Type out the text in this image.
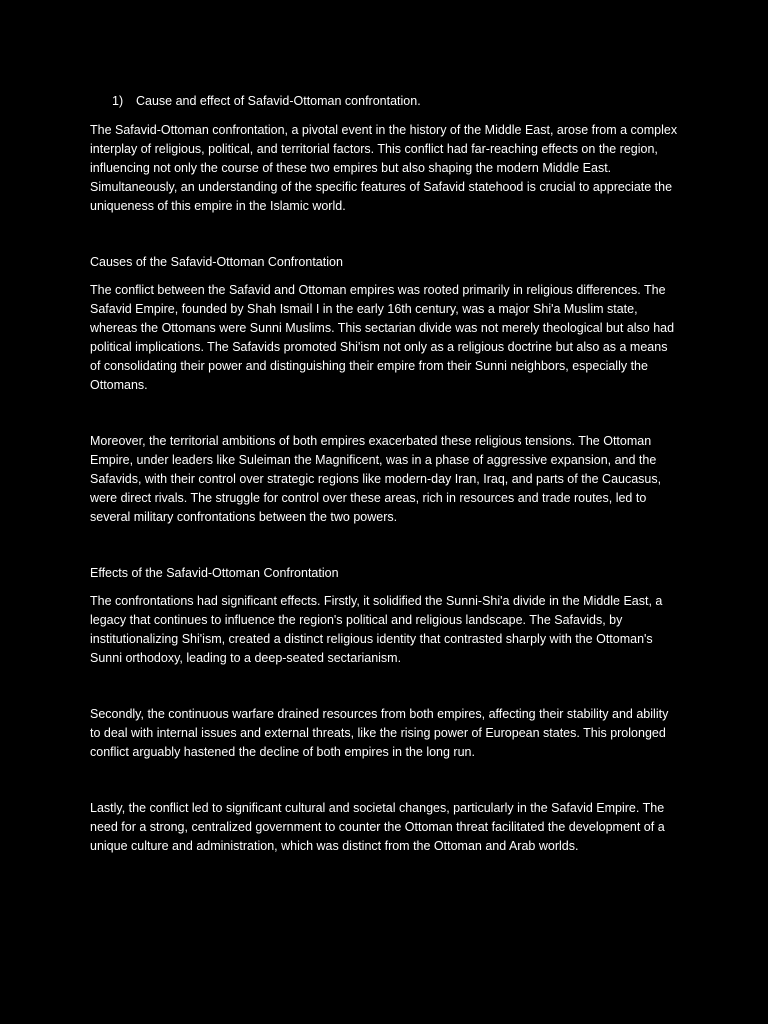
1)	Cause and effect of Safavid-Ottoman confrontation.

The Safavid-Ottoman confrontation, a pivotal event in the history of the Middle East, arose from a complex interplay of religious, political, and territorial factors. This conflict had far-reaching effects on the region, influencing not only the course of these two empires but also shaping the modern Middle East. Simultaneously, an understanding of the specific features of Safavid statehood is crucial to appreciate the uniqueness of this empire in the Islamic world.

Causes of the Safavid-Ottoman Confrontation

The conflict between the Safavid and Ottoman empires was rooted primarily in religious differences. The Safavid Empire, founded by Shah Ismail I in the early 16th century, was a major Shi'a Muslim state, whereas the Ottomans were Sunni Muslims. This sectarian divide was not merely theological but also had political implications. The Safavids promoted Shi'ism not only as a religious doctrine but also as a means of consolidating their power and distinguishing their empire from their Sunni neighbors, especially the Ottomans.

Moreover, the territorial ambitions of both empires exacerbated these religious tensions. The Ottoman Empire, under leaders like Suleiman the Magnificent, was in a phase of aggressive expansion, and the Safavids, with their control over strategic regions like modern-day Iran, Iraq, and parts of the Caucasus, were direct rivals. The struggle for control over these areas, rich in resources and trade routes, led to several military confrontations between the two powers.

Effects of the Safavid-Ottoman Confrontation

The confrontations had significant effects. Firstly, it solidified the Sunni-Shi'a divide in the Middle East, a legacy that continues to influence the region's political and religious landscape. The Safavids, by institutionalizing Shi'ism, created a distinct religious identity that contrasted sharply with the Ottoman's Sunni orthodoxy, leading to a deep-seated sectarianism.

Secondly, the continuous warfare drained resources from both empires, affecting their stability and ability to deal with internal issues and external threats, like the rising power of European states. This prolonged conflict arguably hastened the decline of both empires in the long run.

Lastly, the conflict led to significant cultural and societal changes, particularly in the Safavid Empire. The need for a strong, centralized government to counter the Ottoman threat facilitated the development of a unique culture and administration, which was distinct from the Ottoman and Arab worlds.
